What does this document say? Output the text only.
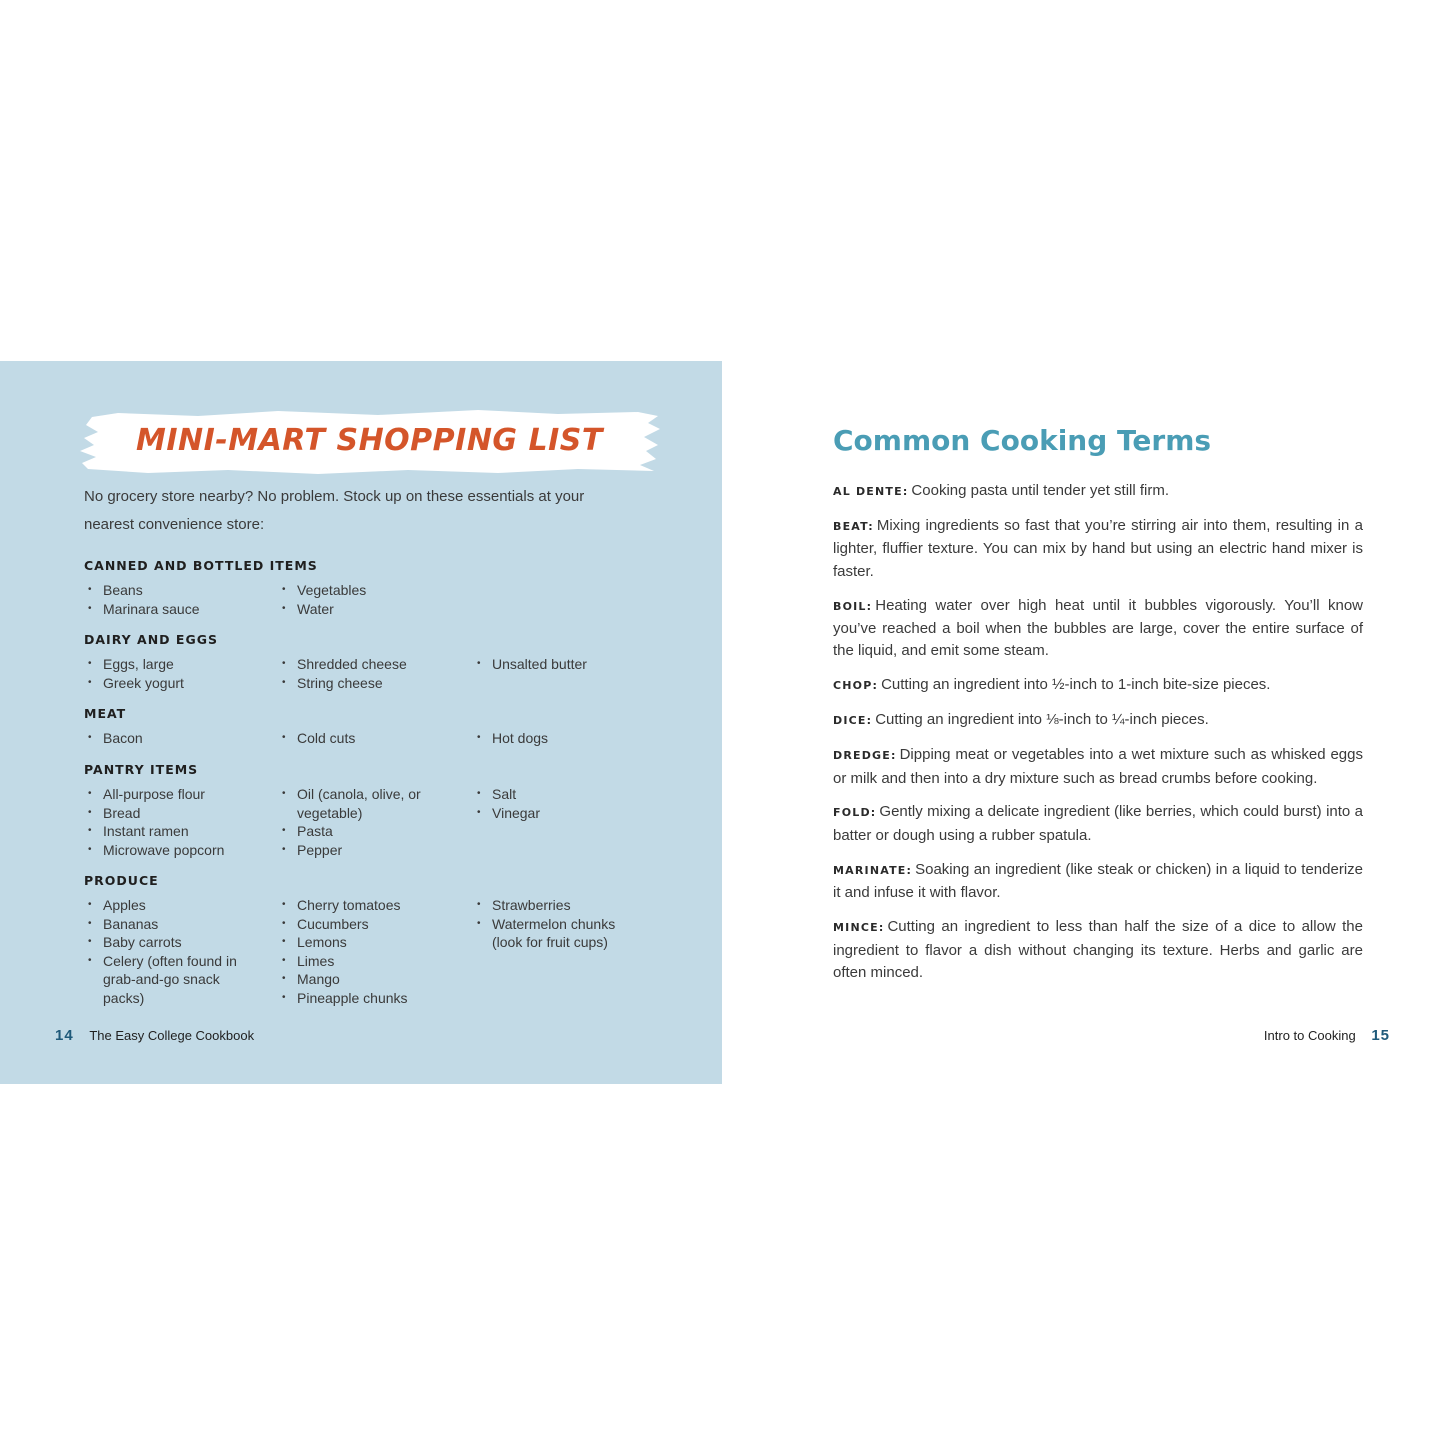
MINI-MART SHOPPING LIST

No grocery store nearby? No problem. Stock up on these essentials at your nearest convenience store:

CANNED AND BOTTLED ITEMS
• Beans
• Marinara sauce
• Vegetables
• Water
DAIRY AND EGGS
• Eggs, large
• Greek yogurt
• Shredded cheese
• String cheese
• Unsalted butter
MEAT
• Bacon	• Cold cuts	• Hot dogs
PANTRY ITEMS
• All-purpose flour
• Bread
• Instant ramen
• Microwave popcorn
• Oil (canola, olive, or vegetable)
• Pasta
• Pepper
• Salt
• Vinegar
PRODUCE
• Apples
• Bananas
• Baby carrots
• Celery (often found in grab-and-go snack packs)
• Cherry tomatoes
• Cucumbers
• Lemons
• Limes
• Mango
• Pineapple chunks
• Strawberries
• Watermelon chunks (look for fruit cups)
14 The Easy College Cookbook
Common Cooking Terms
AL DENTE: Cooking pasta until tender yet still firm.
BEAT: Mixing ingredients so fast that you’re stirring air into them, resulting in a lighter, fluffier texture. You can mix by hand but using an electric hand mixer is faster.
BOIL: Heating water over high heat until it bubbles vigorously. You’ll know you’ve reached a boil when the bubbles are large, cover the entire surface of the liquid, and emit some steam.
CHOP: Cutting an ingredient into ½-inch to 1-inch bite-size pieces.
DICE: Cutting an ingredient into ⅛-inch to ¼-inch pieces.
DREDGE: Dipping meat or vegetables into a wet mixture such as whisked eggs or milk and then into a dry mixture such as bread crumbs before cooking.
FOLD: Gently mixing a delicate ingredient (like berries, which could burst) into a batter or dough using a rubber spatula.
MARINATE: Soaking an ingredient (like steak or chicken) in a liquid to tenderize it and infuse it with flavor.
MINCE: Cutting an ingredient to less than half the size of a dice to allow the ingredient to flavor a dish without changing its texture. Herbs and garlic are often minced.
Intro to Cooking 15
